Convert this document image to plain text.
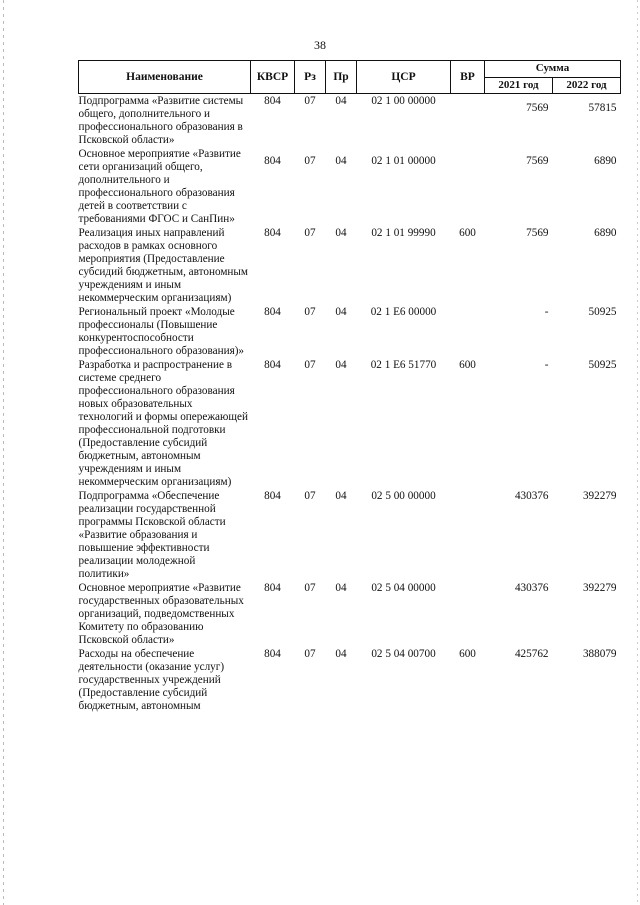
38
Наименование	КВСР	Рз	Пр	ЦСР	ВР	Сумма	
						2021 год	2022 год
Подпрограмма «Развитие системы общего, дополнительного и профессионального образования в Псковской области»	804	07	04	02 1 00 00000		7569	57815
Основное мероприятие «Развитие сети организаций общего, дополнительного и профессионального образования детей в соответствии с требованиями ФГОС и СанПин»	804	07	04	02 1 01 00000		7569	6890
Реализация иных направлений расходов в рамках основного мероприятия (Предоставление субсидий бюджетным, автономным учреждениям и иным некоммерческим организациям)	804	07	04	02 1 01 99990	600	7569	6890
Региональный проект «Молодые профессионалы (Повышение конкурентоспособности профессионального образования)»	804	07	04	02 1 E6 00000		-	50925
Разработка и распространение в системе среднего профессионального образования новых образовательных технологий и формы опережающей профессиональной подготовки (Предоставление субсидий бюджетным, автономным учреждениям и иным некоммерческим организациям)	804	07	04	02 1 E6 51770	600	-	50925
Подпрограмма «Обеспечение реализации государственной программы Псковской области «Развитие образования и повышение эффективности реализации молодежной политики»	804	07	04	02 5 00 00000		430376	392279
Основное мероприятие «Развитие государственных образовательных организаций, подведомственных Комитету по образованию Псковской области»	804	07	04	02 5 04 00000		430376	392279
Расходы на обеспечение деятельности (оказание услуг) государственных учреждений (Предоставление субсидий бюджетным, автономным	804	07	04	02 5 04 00700	600	425762	388079
